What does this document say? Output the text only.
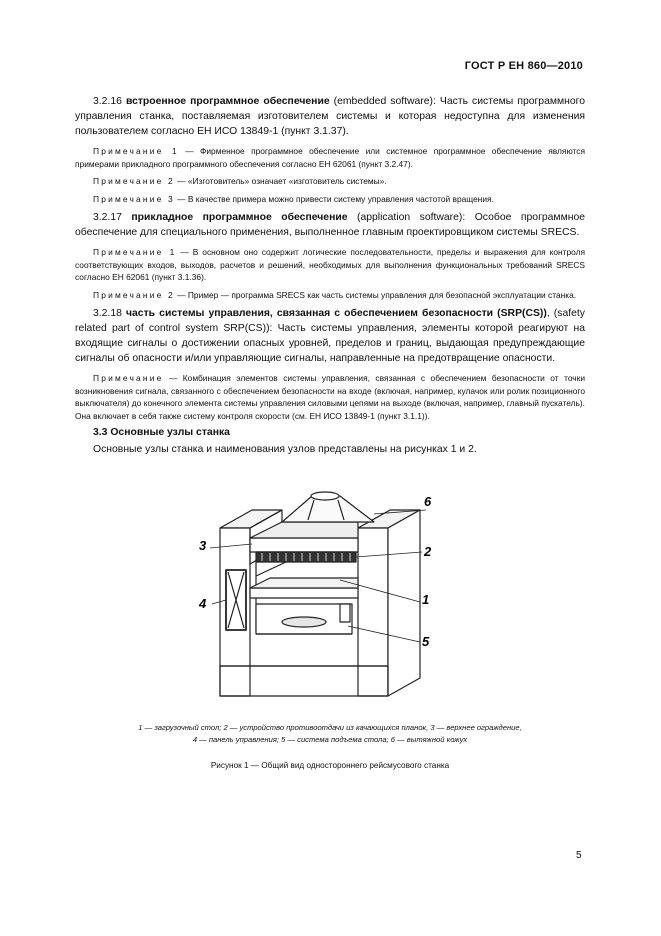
ГОСТ Р ЕН 860—2010

3.2.16 встроенное программное обеспечение (embedded software): Часть системы программного управления станка, поставляемая изготовителем системы и которая недоступна для изменения пользователем согласно ЕН ИСО 13849-1 (пункт 3.1.37).

Примечание 1 — Фирменное программное обеспечение или системное программное обеспечение являются примерами прикладного программного обеспечения согласно ЕН 62061 (пункт 3.2.47).

Примечание 2 — «Изготовитель» означает «изготовитель системы».

Примечание 3 — В качестве примера можно привести систему управления частотой вращения.

3.2.17 прикладное программное обеспечение (application software): Особое программное обеспечение для специального применения, выполненное главным проектировщиком системы SRECS.

Примечание 1 — В основном оно содержит логические последовательности, пределы и выражения для контроля соответствующих входов, выходов, расчетов и решений, необходимых для выполнения функциональных требований SRECS согласно ЕН 62061 (пункт 3.1.36).

Примечание 2 — Пример — программа SRECS как часть системы управления для безопасной эксплуатации станка.

3.2.18 часть системы управления, связанная с обеспечением безопасности (SRP(CS)), (safety related part of control system SRP(CS)): Часть системы управления, элементы которой реагируют на входящие сигналы о достижении опасных уровней, пределов и границ, выдающая предупреждающие сигналы об опасности и/или управляющие сигналы, направленные на предотвращение опасности.

Примечание — Комбинация элементов системы управления, связанная с обеспечением безопасности от точки возникновения сигнала, связанного с обеспечением безопасности на входе (включая, например, кулачок или ролик позиционного выключателя) до конечного элемента системы управления силовыми цепями на выходе (включая, например, главный пускатель). Она включает в себя также систему контроля скорости (см. ЕН ИСО 13849-1 (пункт 3.1.1)).

3.3 Основные узлы станка

Основные узлы станка и наименования узлов представлены на рисунках 1 и 2.

6
2
3
1
4
5
1 — загрузочный стол; 2 — устройство противоотдачи из качающихся планок, 3 — верхнее ограждение,
4 — панель управления; 5 — система подъема стола; 6 — вытяжной кожух
Рисунок 1 — Общий вид одностороннего рейсмусового станка
5
